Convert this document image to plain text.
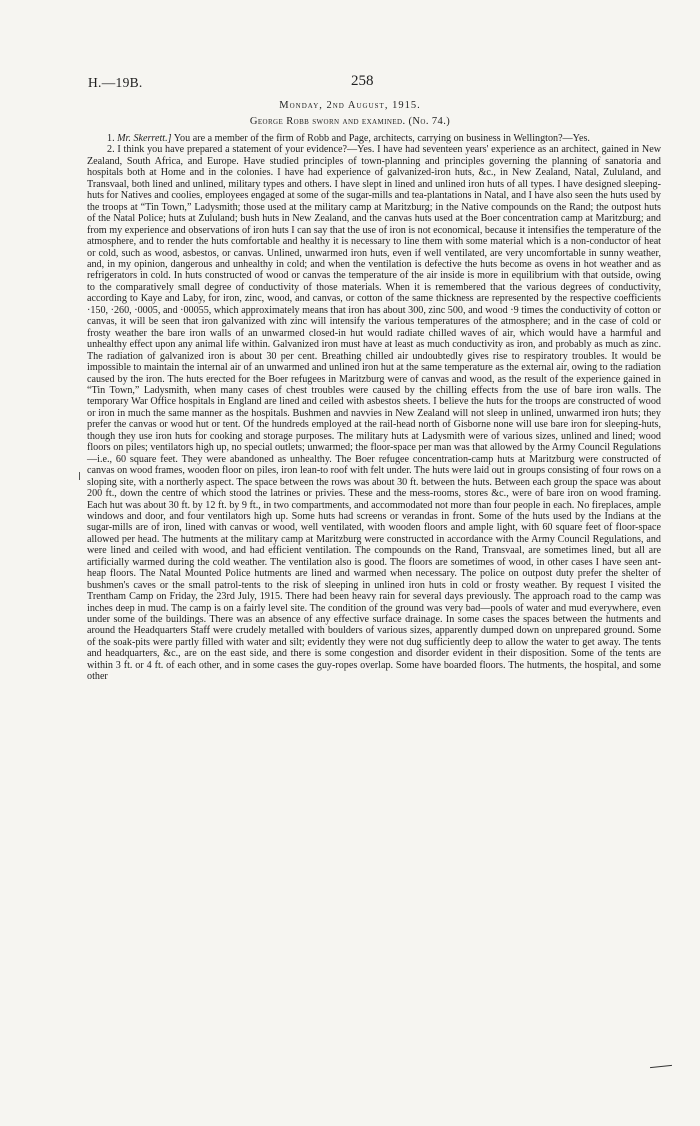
H.—19B.	258
Monday, 2nd August, 1915.
George Robb sworn and examined. (No. 74.)

1. Mr. Skerrett.] You are a member of the firm of Robb and Page, architects, carrying on business in Wellington?—Yes.

2. I think you have prepared a statement of your evidence?—Yes. I have had seventeen years' experience as an architect, gained in New Zealand, South Africa, and Europe. Have studied principles of town-planning and principles governing the planning of sanatoria and hospitals both at Home and in the colonies. I have had experience of galvanized-iron huts, &c., in New Zealand, Natal, Zululand, and Transvaal, both lined and unlined, military types and others. I have slept in lined and unlined iron huts of all types. I have designed sleeping-huts for Natives and coolies, employees engaged at some of the sugar-mills and tea-plantations in Natal, and I have also seen the huts used by the troops at “Tin Town,” Ladysmith; those used at the military camp at Maritzburg; in the Native compounds on the Rand; the outpost huts of the Natal Police; huts at Zululand; bush huts in New Zealand, and the canvas huts used at the Boer concentration camp at Maritzburg; and from my experience and observations of iron huts I can say that the use of iron is not economical, because it intensifies the temperature of the atmosphere, and to render the huts comfortable and healthy it is necessary to line them with some material which is a non-conductor of heat or cold, such as wood, asbestos, or canvas. Unlined, unwarmed iron huts, even if well ventilated, are very uncomfortable in sunny weather, and, in my opinion, dangerous and unhealthy in cold; and when the ventilation is defective the huts become as ovens in hot weather and as refrigerators in cold. In huts constructed of wood or canvas the temperature of the air inside is more in equilibrium with that outside, owing to the comparatively small degree of conductivity of those materials. When it is remembered that the various degrees of conductivity, according to Kaye and Laby, for iron, zinc, wood, and canvas, or cotton of the same thickness are represented by the respective coefficients ·150, ·260, ·0005, and ·00055, which approximately means that iron has about 300, zinc 500, and wood ·9 times the conductivity of cotton or canvas, it will be seen that iron galvanized with zinc will intensify the various temperatures of the atmosphere; and in the case of cold or frosty weather the bare iron walls of an unwarmed closed-in hut would radiate chilled waves of air, which would have a harmful and unhealthy effect upon any animal life within. Galvanized iron must have at least as much conductivity as iron, and probably as much as zinc. The radiation of galvanized iron is about 30 per cent. Breathing chilled air undoubtedly gives rise to respiratory troubles. It would be impossible to maintain the internal air of an unwarmed and unlined iron hut at the same temperature as the external air, owing to the radiation caused by the iron. The huts erected for the Boer refugees in Maritzburg were of canvas and wood, as the result of the experience gained in “Tin Town,” Ladysmith, when many cases of chest troubles were caused by the chilling effects from the use of bare iron walls. The temporary War Office hospitals in England are lined and ceiled with asbestos sheets. I believe the huts for the troops are constructed of wood or iron in much the same manner as the hospitals. Bushmen and navvies in New Zealand will not sleep in unlined, unwarmed iron huts; they prefer the canvas or wood hut or tent. Of the hundreds employed at the rail-head north of Gisborne none will use bare iron for sleeping-huts, though they use iron huts for cooking and storage purposes. The military huts at Ladysmith were of various sizes, unlined and lined; wood floors on piles; ventilators high up, no special outlets; unwarmed; the floor-space per man was that allowed by the Army Council Regulations—i.e., 60 square feet. They were abandoned as unhealthy. The Boer refugee concentration-camp huts at Maritzburg were constructed of canvas on wood frames, wooden floor on piles, iron lean-to roof with felt under. The huts were laid out in groups consisting of four rows on a sloping site, with a northerly aspect. The space between the rows was about 30 ft. between the huts. Between each group the space was about 200 ft., down the centre of which stood the latrines or privies. These and the mess-rooms, stores &c., were of bare iron on wood framing. Each hut was about 30 ft. by 12 ft. by 9 ft., in two compartments, and accommodated not more than four people in each. No fireplaces, ample windows and door, and four ventilators high up. Some huts had screens or verandas in front. Some of the huts used by the Indians at the sugar-mills are of iron, lined with canvas or wood, well ventilated, with wooden floors and ample light, with 60 square feet of floor-space allowed per head. The hutments at the military camp at Maritzburg were constructed in accordance with the Army Council Regulations, and were lined and ceiled with wood, and had efficient ventilation. The compounds on the Rand, Transvaal, are sometimes lined, but all are artificially warmed during the cold weather. The ventilation also is good. The floors are sometimes of wood, in other cases I have seen ant-heap floors. The Natal Mounted Police hutments are lined and warmed when necessary. The police on outpost duty prefer the shelter of bushmen's caves or the small patrol-tents to the risk of sleeping in unlined iron huts in cold or frosty weather. By request I visited the Trentham Camp on Friday, the 23rd July, 1915. There had been heavy rain for several days previously. The approach road to the camp was inches deep in mud. The camp is on a fairly level site. The condition of the ground was very bad—pools of water and mud everywhere, even under some of the buildings. There was an absence of any effective surface drainage. In some cases the spaces between the hutments and around the Headquarters Staff were crudely metalled with boulders of various sizes, apparently dumped down on unprepared ground. Some of the soak-pits were partly filled with water and silt; evidently they were not dug sufficiently deep to allow the water to get away. The tents and headquarters, &c., are on the east side, and there is some congestion and disorder evident in their disposition. Some of the tents are within 3 ft. or 4 ft. of each other, and in some cases the guy-ropes overlap. Some have boarded floors. The hutments, the hospital, and some other
